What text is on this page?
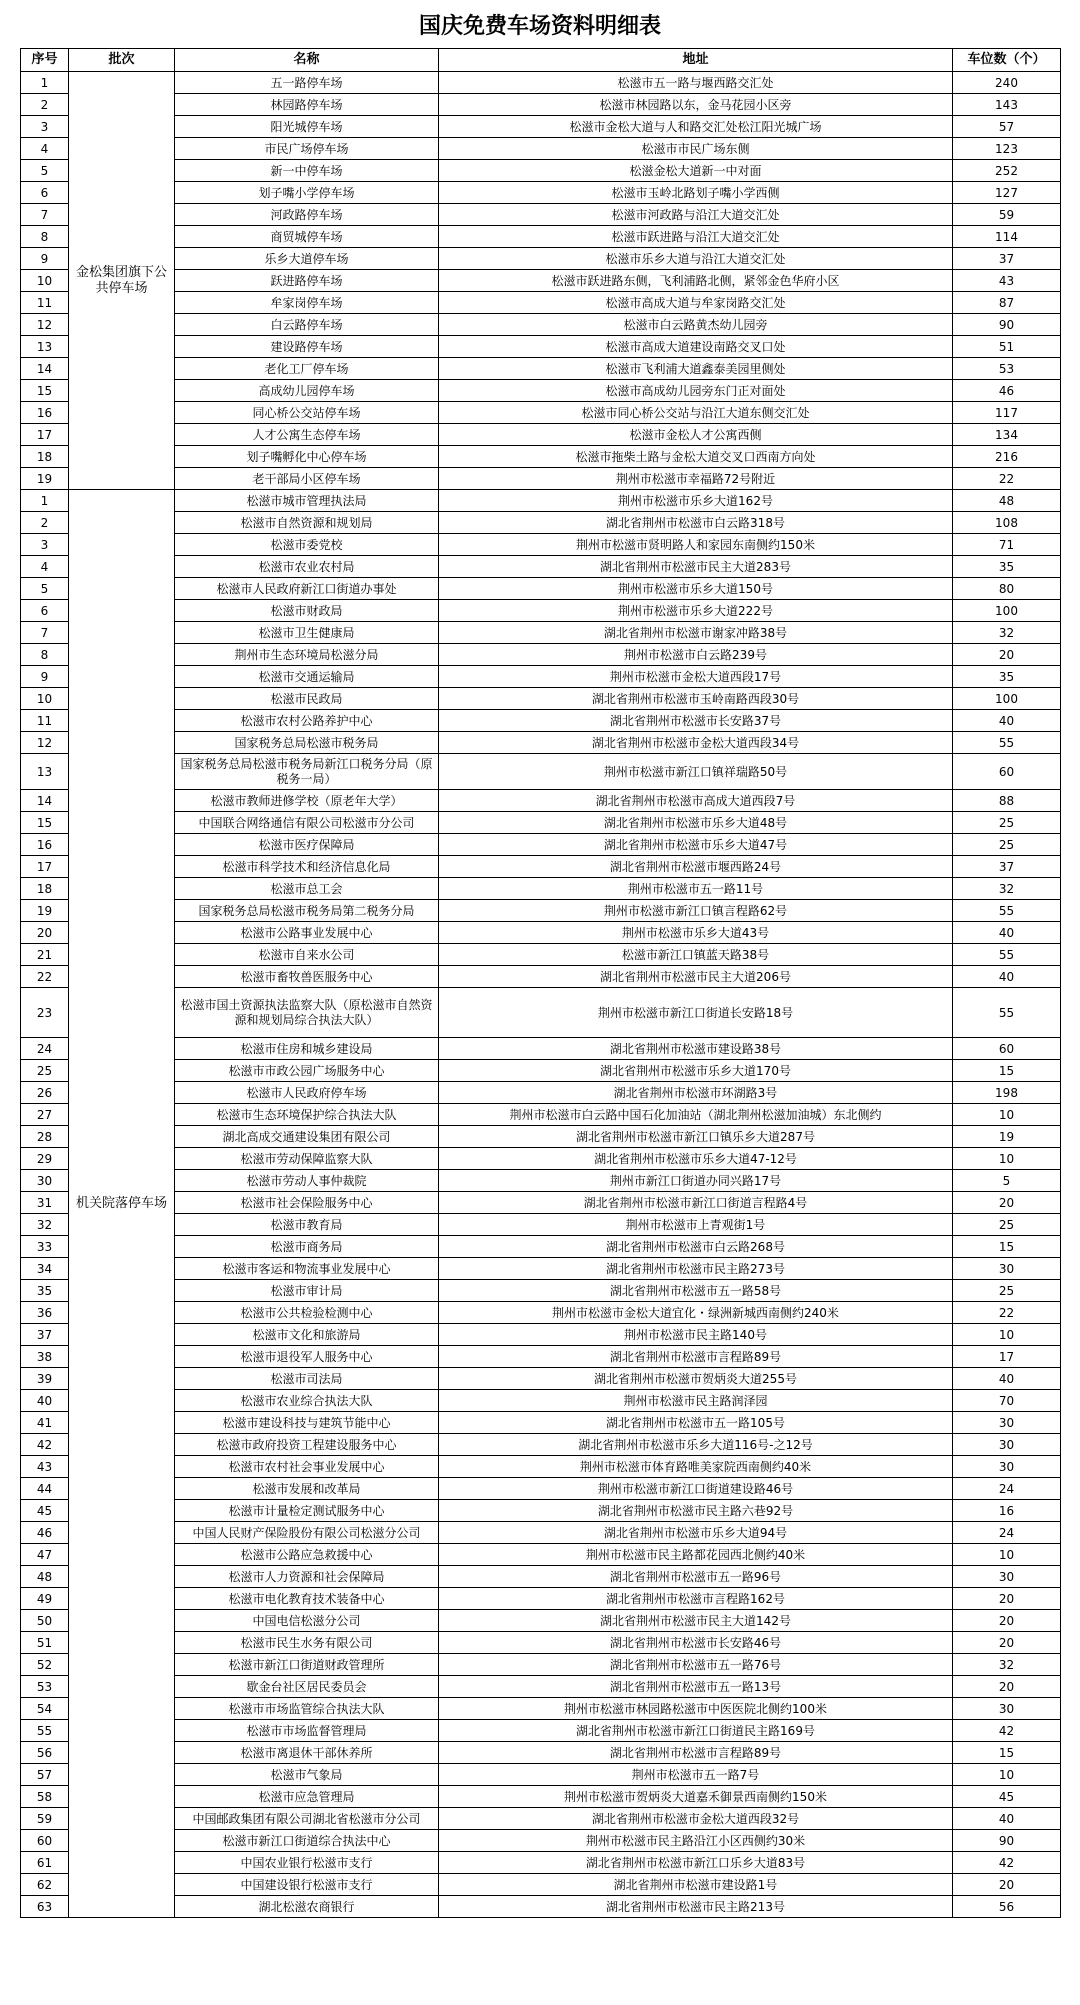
国庆免费车场资料明细表
序号	批次	名称	地址	车位数（个）
1	金松集团旗下公共停车场	五一路停车场	松滋市五一路与堰西路交汇处	240
2		林园路停车场	松滋市林园路以东，金马花园小区旁	143
3		阳光城停车场	松滋市金松大道与人和路交汇处松江阳光城广场	57
4		市民广场停车场	松滋市市民广场东侧	123
5		新一中停车场	松滋金松大道新一中对面	252
6		划子嘴小学停车场	松滋市玉岭北路划子嘴小学西侧	127
7		河政路停车场	松滋市河政路与沿江大道交汇处	59
8		商贸城停车场	松滋市跃进路与沿江大道交汇处	114
9		乐乡大道停车场	松滋市乐乡大道与沿江大道交汇处	37
10		跃进路停车场	松滋市跃进路东侧，飞利浦路北侧，紧邻金色华府小区	43
11		牟家岗停车场	松滋市高成大道与牟家岗路交汇处	87
12		白云路停车场	松滋市白云路黄杰幼儿园旁	90
13		建设路停车场	松滋市高成大道建设南路交叉口处	51
14		老化工厂停车场	松滋市飞利浦大道鑫泰美园里侧处	53
15		高成幼儿园停车场	松滋市高成幼儿园旁东门正对面处	46
16		同心桥公交站停车场	松滋市同心桥公交站与沿江大道东侧交汇处	117
17		人才公寓生态停车场	松滋市金松人才公寓西侧	134
18		划子嘴孵化中心停车场	松滋市拖柴土路与金松大道交叉口西南方向处	216
19		老干部局小区停车场	荆州市松滋市幸福路72号附近	22
1	机关院落停车场	松滋市城市管理执法局	荆州市松滋市乐乡大道162号	48
2		松滋市自然资源和规划局	湖北省荆州市松滋市白云路318号	108
3		松滋市委党校	荆州市松滋市贤明路人和家园东南侧约150米	71
4		松滋市农业农村局	湖北省荆州市松滋市民主大道283号	35
5		松滋市人民政府新江口街道办事处	荆州市松滋市乐乡大道150号	80
6		松滋市财政局	荆州市松滋市乐乡大道222号	100
7		松滋市卫生健康局	湖北省荆州市松滋市谢家冲路38号	32
8		荆州市生态环境局松滋分局	荆州市松滋市白云路239号	20
9		松滋市交通运输局	荆州市松滋市金松大道西段17号	35
10		松滋市民政局	湖北省荆州市松滋市玉岭南路西段30号	100
11		松滋市农村公路养护中心	湖北省荆州市松滋市长安路37号	40
12		国家税务总局松滋市税务局	湖北省荆州市松滋市金松大道西段34号	55
13		国家税务总局松滋市税务局新江口税务分局（原税务一局）	荆州市松滋市新江口镇祥瑞路50号	60
14		松滋市教师进修学校（原老年大学）	湖北省荆州市松滋市高成大道西段7号	88
15		中国联合网络通信有限公司松滋市分公司	湖北省荆州市松滋市乐乡大道48号	25
16		松滋市医疗保障局	湖北省荆州市松滋市乐乡大道47号	25
17		松滋市科学技术和经济信息化局	湖北省荆州市松滋市堰西路24号	37
18		松滋市总工会	荆州市松滋市五一路11号	32
19		国家税务总局松滋市税务局第二税务分局	荆州市松滋市新江口镇言程路62号	55
20		松滋市公路事业发展中心	荆州市松滋市乐乡大道43号	40
21		松滋市自来水公司	松滋市新江口镇蓝天路38号	55
22		松滋市畜牧兽医服务中心	湖北省荆州市松滋市民主大道206号	40
23		松滋市国土资源执法监察大队（原松滋市自然资源和规划局综合执法大队）	荆州市松滋市新江口街道长安路18号	55
24		松滋市住房和城乡建设局	湖北省荆州市松滋市建设路38号	60
25		松滋市市政公园广场服务中心	湖北省荆州市松滋市乐乡大道170号	15
26		松滋市人民政府停车场	湖北省荆州市松滋市环湖路3号	198
27		松滋市生态环境保护综合执法大队	荆州市松滋市白云路中国石化加油站（湖北荆州松滋加油城）东北侧约	10
28		湖北高成交通建设集团有限公司	湖北省荆州市松滋市新江口镇乐乡大道287号	19
29		松滋市劳动保障监察大队	湖北省荆州市松滋市乐乡大道47-12号	10
30		松滋市劳动人事仲裁院	荆州市新江口街道办同兴路17号	5
31		松滋市社会保险服务中心	湖北省荆州市松滋市新江口街道言程路4号	20
32		松滋市教育局	荆州市松滋市上青观街1号	25
33		松滋市商务局	湖北省荆州市松滋市白云路268号	15
34		松滋市客运和物流事业发展中心	湖北省荆州市松滋市民主路273号	30
35		松滋市审计局	湖北省荆州市松滋市五一路58号	25
36		松滋市公共检验检测中心	荆州市松滋市金松大道宜化・绿洲新城西南侧约240米	22
37		松滋市文化和旅游局	荆州市松滋市民主路140号	10
38		松滋市退役军人服务中心	湖北省荆州市松滋市言程路89号	17
39		松滋市司法局	湖北省荆州市松滋市贺炳炎大道255号	40
40		松滋市农业综合执法大队	荆州市松滋市民主路润泽园	70
41		松滋市建设科技与建筑节能中心	湖北省荆州市松滋市五一路105号	30
42		松滋市政府投资工程建设服务中心	湖北省荆州市松滋市乐乡大道116号-之12号	30
43		松滋市农村社会事业发展中心	荆州市松滋市体育路唯美家院西南侧约40米	30
44		松滋市发展和改革局	荆州市松滋市新江口街道建设路46号	24
45		松滋市计量检定测试服务中心	湖北省荆州市松滋市民主路六巷92号	16
46		中国人民财产保险股份有限公司松滋分公司	湖北省荆州市松滋市乐乡大道94号	24
47		松滋市公路应急救援中心	荆州市松滋市民主路都花园西北侧约40米	10
48		松滋市人力资源和社会保障局	湖北省荆州市松滋市五一路96号	30
49		松滋市电化教育技术装备中心	湖北省荆州市松滋市言程路162号	20
50		中国电信松滋分公司	湖北省荆州市松滋市民主大道142号	20
51		松滋市民生水务有限公司	湖北省荆州市松滋市长安路46号	20
52		松滋市新江口街道财政管理所	湖北省荆州市松滋市五一路76号	32
53		歇金台社区居民委员会	湖北省荆州市松滋市五一路13号	20
54		松滋市市场监管综合执法大队	荆州市松滋市林园路松滋市中医医院北侧约100米	30
55		松滋市市场监督管理局	湖北省荆州市松滋市新江口街道民主路169号	42
56		松滋市离退休干部休养所	湖北省荆州市松滋市言程路89号	15
57		松滋市气象局	荆州市松滋市五一路7号	10
58		松滋市应急管理局	荆州市松滋市贺炳炎大道嘉禾御景西南侧约150米	45
59		中国邮政集团有限公司湖北省松滋市分公司	湖北省荆州市松滋市金松大道西段32号	40
60		松滋市新江口街道综合执法中心	荆州市松滋市民主路沿江小区西侧约30米	90
61		中国农业银行松滋市支行	湖北省荆州市松滋市新江口乐乡大道83号	42
62		中国建设银行松滋市支行	湖北省荆州市松滋市建设路1号	20
63		湖北松滋农商银行	湖北省荆州市松滋市民主路213号	56
